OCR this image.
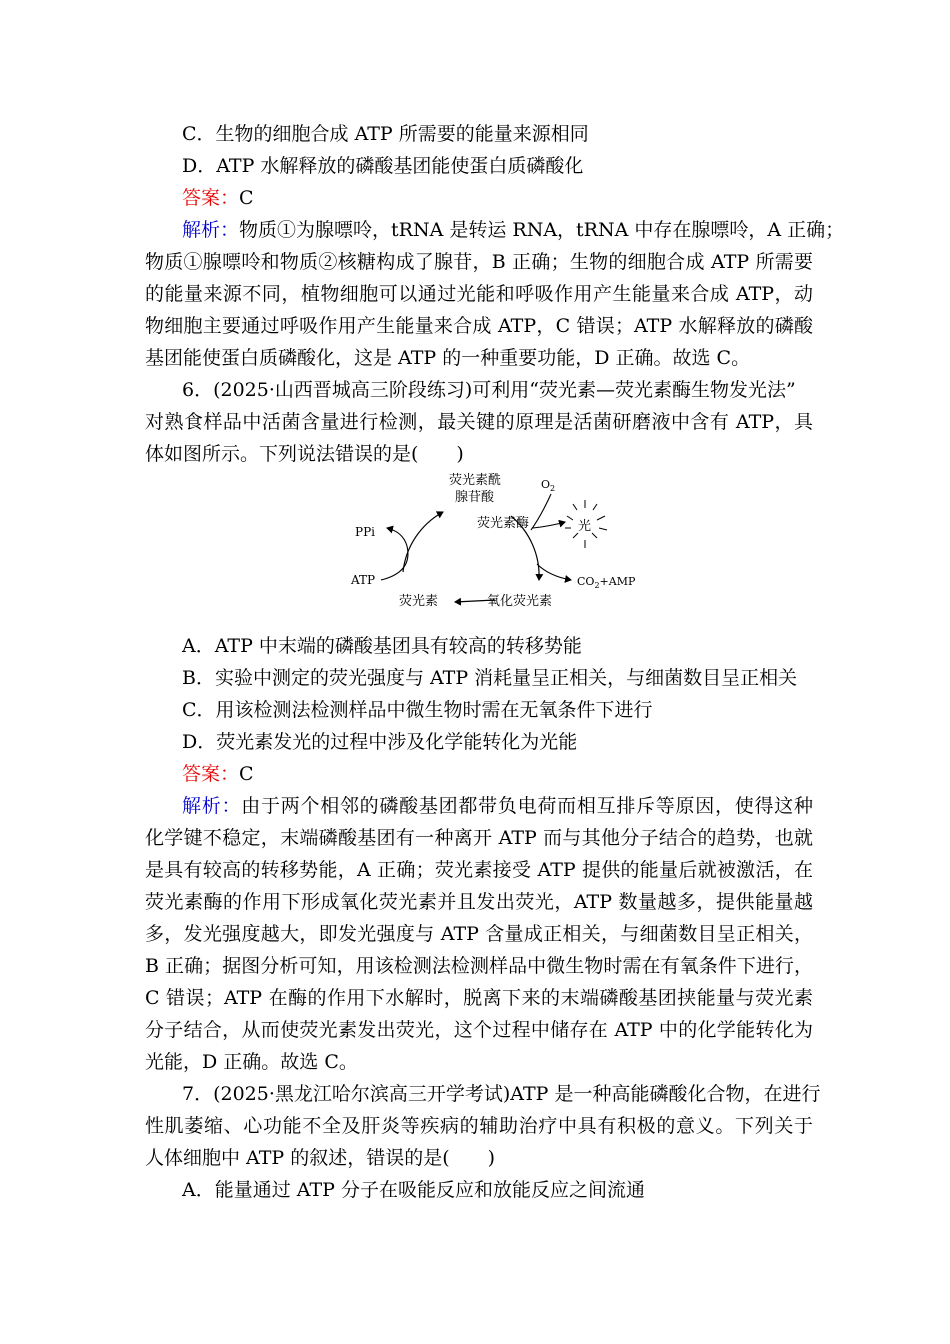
C．生物的细胞合成 ATP 所需要的能量来源相同
D．ATP 水解释放的磷酸基团能使蛋白质磷酸化
答案：C
解析：物质①为腺嘌呤，tRNA 是转运 RNA，tRNA 中存在腺嘌呤，A 正确；
物质①腺嘌呤和物质②核糖构成了腺苷，B 正确；生物的细胞合成 ATP 所需要
的能量来源不同，植物细胞可以通过光能和呼吸作用产生能量来合成 ATP，动
物细胞主要通过呼吸作用产生能量来合成 ATP，C 错误；ATP 水解释放的磷酸
基团能使蛋白质磷酸化，这是 ATP 的一种重要功能，D 正确。故选 C。
6．(2025·山西晋城高三阶段练习)可利用“荧光素—荧光素酶生物发光法”
对熟食样品中活菌含量进行检测，最关键的原理是活菌研磨液中含有 ATP，具
体如图所示。下列说法错误的是(　　)
荧光素酰
腺苷酸
$O_2$
荧光素酶	光
PPi
ATP	$CO_2+AMP$
荧光素	氧化荧光素
A．ATP 中末端的磷酸基团具有较高的转移势能
B．实验中测定的荧光强度与 ATP 消耗量呈正相关，与细菌数目呈正相关
C．用该检测法检测样品中微生物时需在无氧条件下进行
D．荧光素发光的过程中涉及化学能转化为光能
答案：C
解析：由于两个相邻的磷酸基团都带负电荷而相互排斥等原因，使得这种
化学键不稳定，末端磷酸基团有一种离开 ATP 而与其他分子结合的趋势，也就
是具有较高的转移势能，A 正确；荧光素接受 ATP 提供的能量后就被激活，在
荧光素酶的作用下形成氧化荧光素并且发出荧光，ATP 数量越多，提供能量越
多，发光强度越大，即发光强度与 ATP 含量成正相关，与细菌数目呈正相关，
B 正确；据图分析可知，用该检测法检测样品中微生物时需在有氧条件下进行，
C 错误；ATP 在酶的作用下水解时，脱离下来的末端磷酸基团挟能量与荧光素
分子结合，从而使荧光素发出荧光，这个过程中储存在 ATP 中的化学能转化为
光能，D 正确。故选 C。
7．(2025·黑龙江哈尔滨高三开学考试)ATP 是一种高能磷酸化合物，在进行
性肌萎缩、心功能不全及肝炎等疾病的辅助治疗中具有积极的意义。下列关于
人体细胞中 ATP 的叙述，错误的是(　　)
A．能量通过 ATP 分子在吸能反应和放能反应之间流通
